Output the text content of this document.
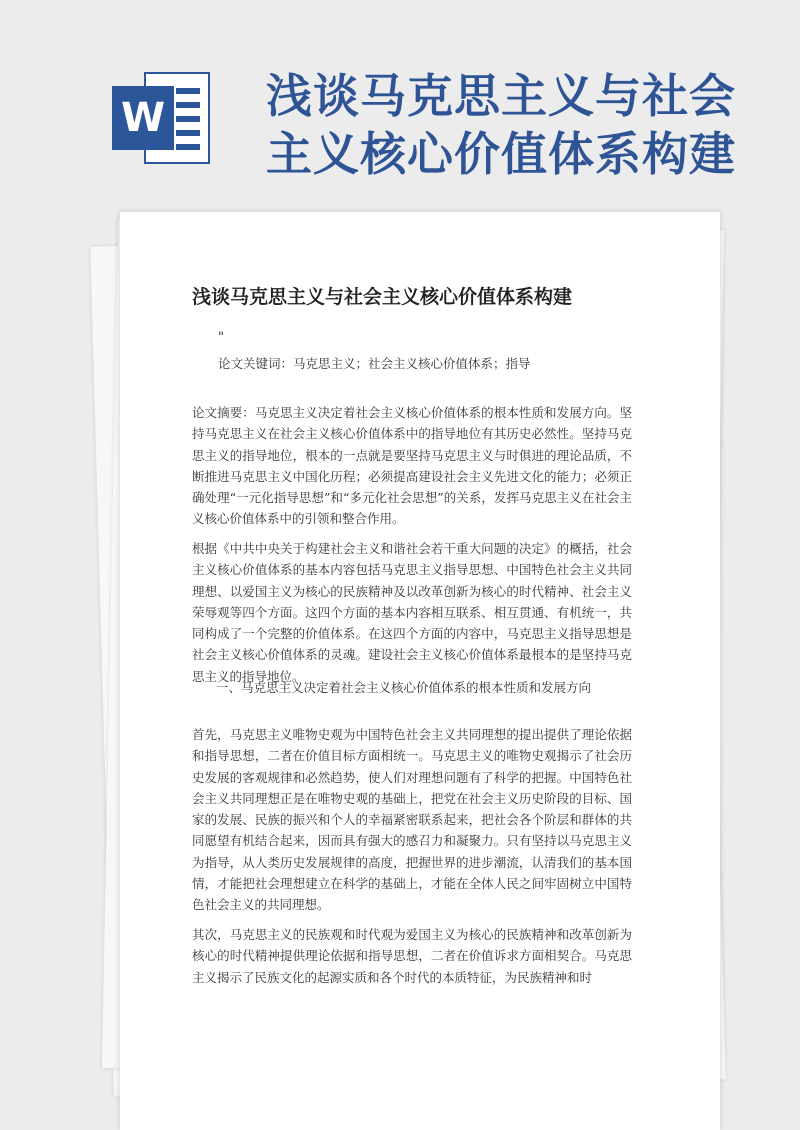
W 浅谈马克思主义与社会
主义核心价值体系构建
浅谈马克思主义与社会主义核心价值体系构建
"
论文关键词：马克思主义；社会主义核心价值体系；指导

论文摘要：马克思主义决定着社会主义核心价值体系的根本性质和发展方向。坚持马克思主义在社会主义核心价值体系中的指导地位有其历史必然性。坚持马克思主义的指导地位，根本的一点就是要坚持马克思主义与时俱进的理论品质，不断推进马克思主义中国化历程；必须提高建设社会主义先进文化的能力；必须正确处理“一元化指导思想”和“多元化社会思想”的关系，发挥马克思主义在社会主义核心价值体系中的引领和整合作用。

根据《中共中央关于构建社会主义和谐社会若干重大问题的决定》的概括，社会主义核心价值体系的基本内容包括马克思主义指导思想、中国特色社会主义共同理想、以爱国主义为核心的民族精神及以改革创新为核心的时代精神、社会主义荣辱观等四个方面。这四个方面的基本内容相互联系、相互贯通、有机统一，共同构成了一个完整的价值体系。在这四个方面的内容中，马克思主义指导思想是社会主义核心价值体系的灵魂。建设社会主义核心价值体系最根本的是坚持马克思主义的指导地位。

一、马克思主义决定着社会主义核心价值体系的根本性质和发展方向

首先，马克思主义唯物史观为中国特色社会主义共同理想的提出提供了理论依据和指导思想，二者在价值目标方面相统一。马克思主义的唯物史观揭示了社会历史发展的客观规律和必然趋势，使人们对理想问题有了科学的把握。中国特色社会主义共同理想正是在唯物史观的基础上，把党在社会主义历史阶段的目标、国家的发展、民族的振兴和个人的幸福紧密联系起来，把社会各个阶层和群体的共同愿望有机结合起来，因而具有强大的感召力和凝聚力。只有坚持以马克思主义为指导，从人类历史发展规律的高度，把握世界的进步潮流，认清我们的基本国情，才能把社会理想建立在科学的基础上，才能在全体人民之间牢固树立中国特色社会主义的共同理想。

其次，马克思主义的民族观和时代观为爱国主义为核心的民族精神和改革创新为核心的时代精神提供理论依据和指导思想，二者在价值诉求方面相契合。马克思主义揭示了民族文化的起源实质和各个时代的本质特征，为民族精神和时
